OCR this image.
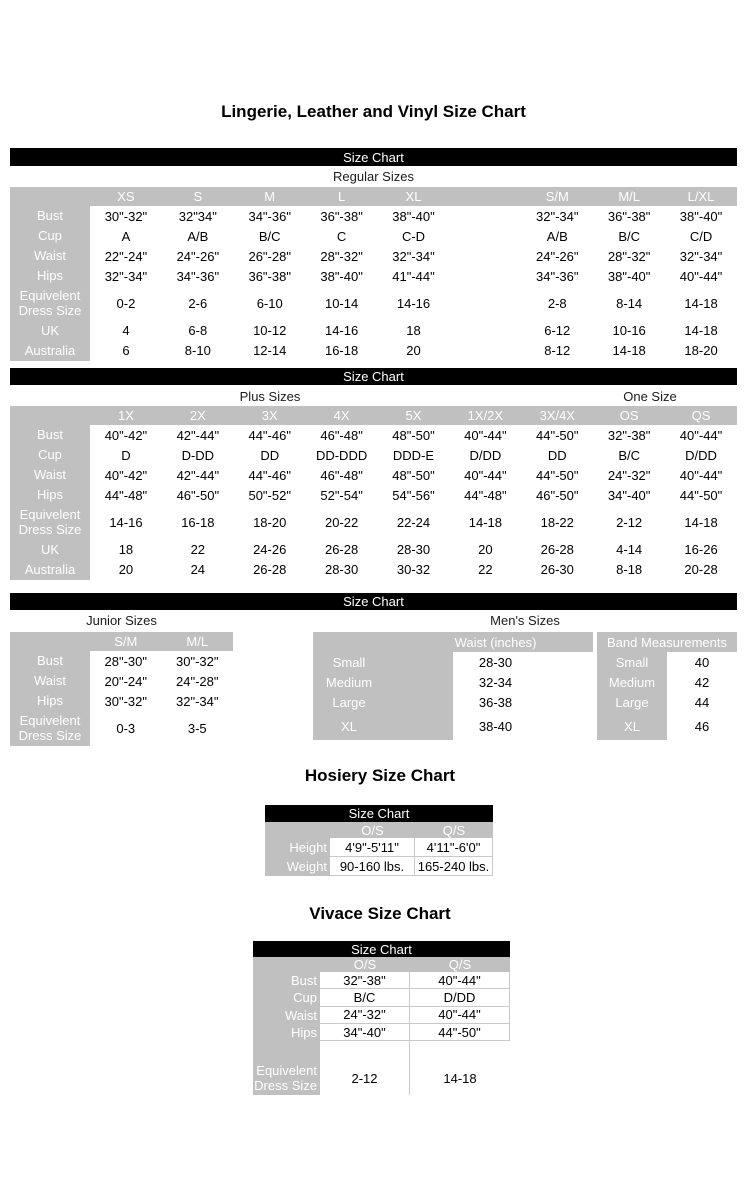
Lingerie, Leather and Vinyl Size Chart
Size Chart
Regular Sizes
XS	S	M	L	XL	S/M	M/L	L/XL
Bust	30"-32"	32"34"	34"-36"	36"-38"	38"-40"	32"-34"	36"-38"	38"-40"
Cup	A	A/B	B/C	C	C-D	A/B	B/C	C/D
Waist	22"-24"	24"-26"	26"-28"	28"-32"	32"-34"	24"-26"	28"-32"	32"-34"
Hips	32"-34"	34"-36"	36"-38"	38"-40"	41"-44"	34"-36"	38"-40"	40"-44"
Equivelent Dress Size	0-2	2-6	6-10	10-14	14-16	2-8	8-14	14-18
UK	4	6-8	10-12	14-16	18	6-12	10-16	14-18
Australia	6	8-10	12-14	16-18	20	8-12	14-18	18-20
Size Chart
Plus Sizes	One Size
1X	2X	3X	4X	5X	1X/2X	3X/4X	OS	QS
Bust	40"-42"	42"-44"	44"-46"	46"-48"	48"-50"	40"-44"	44"-50"	32"-38"	40"-44"
Cup	D	D-DD	DD	DD-DDD	DDD-E	D/DD	DD	B/C	D/DD
Waist	40"-42"	42"-44"	44"-46"	46"-48"	48"-50"	40"-44"	44"-50"	24"-32"	40"-44"
Hips	44"-48"	46"-50"	50"-52"	52"-54"	54"-56"	44"-48"	46"-50"	34"-40"	44"-50"
Equivelent Dress Size	14-16	16-18	18-20	20-22	22-24	14-18	18-22	2-12	14-18
UK	18	22	24-26	26-28	28-30	20	26-28	4-14	16-26
Australia	20	24	26-28	28-30	30-32	22	26-30	8-18	20-28
Size Chart
Junior Sizes	Men's Sizes
S/M	M/L
Bust	28"-30"	30"-32"
Waist	20"-24"	24"-28"
Hips	30"-32"	32"-34"
Equivelent Dress Size	0-3	3-5
Waist (inches)
Small	28-30
Medium	32-34
Large	36-38
XL	38-40
Band Measurements
Small	40
Medium	42
Large	44
XL	46
Hosiery Size Chart
Size Chart
O/S	Q/S
Height	4'9"-5'11"	4'11"-6'0"
Weight 90-160 lbs.	165-240 lbs.
Vivace Size Chart
Size Chart
O/S	Q/S
Bust	32"-38"	40"-44"
Cup	B/C	D/DD
Waist	24"-32"	40"-44"
Hips	34"-40"	44"-50"
Equivelent Dress Size	2-12	14-18
